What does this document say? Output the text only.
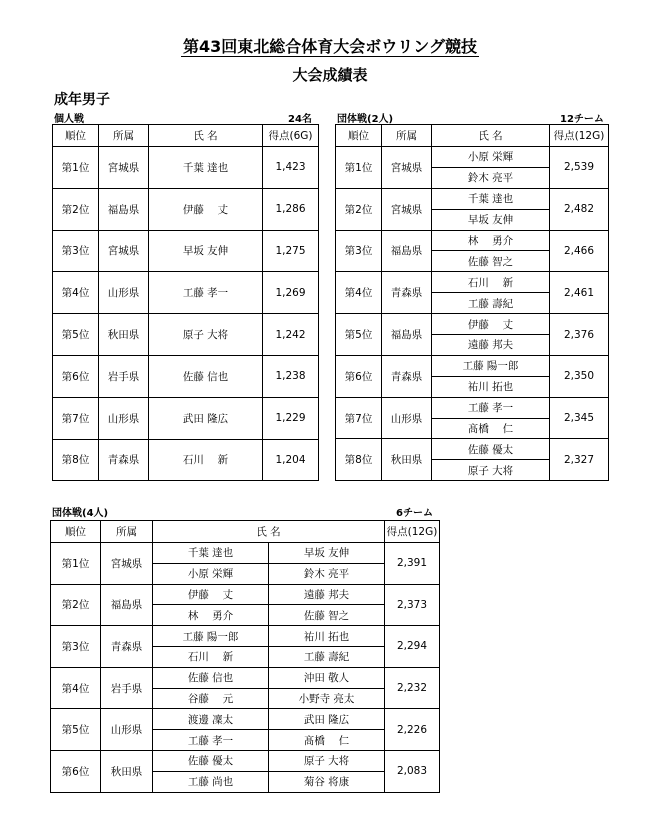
第43回東北総合体育大会ボウリング競技
大会成績表
成年男子
個人戦	24名
順位	所属	氏 名	得点(6G)
第1位	宮城県	千葉 達也	1,423
第2位	福島県	伊藤　 丈	1,286
第3位	宮城県	早坂 友伸	1,275
第4位	山形県	工藤 孝一	1,269
第5位	秋田県	原子 大将	1,242
第6位	岩手県	佐藤 信也	1,238
第7位	山形県	武田 隆広	1,229
第8位	青森県	石川　 新	1,204
団体戦(2人)	12チーム
順位	所属	氏 名	得点(12G)
第1位	宮城県	小原 栄輝	2,539
		鈴木 亮平	
第2位	宮城県	千葉 達也	2,482
		早坂 友伸	
第3位	福島県	林　 勇介	2,466
		佐藤 智之	
第4位	青森県	石川　 新	2,461
		工藤 壽紀	
第5位	福島県	伊藤　 丈	2,376
		遠藤 邦夫	
第6位	青森県	工藤 陽一郎	2,350
		祐川 拓也	
第7位	山形県	工藤 孝一	2,345
		髙橋　 仁	
第8位	秋田県	佐藤 優太	2,327
		原子 大将	
団体戦(4人)	6チーム
順位	所属	氏 名		得点(12G)
第1位	宮城県	千葉 達也	早坂 友伸	2,391
		小原 栄輝	鈴木 亮平	
第2位	福島県	伊藤　 丈	遠藤 邦夫	2,373
		林　 勇介	佐藤 智之	
第3位	青森県	工藤 陽一郎	祐川 拓也	2,294
		石川　 新	工藤 壽紀	
第4位	岩手県	佐藤 信也	沖田 敬人	2,232
		谷藤　 元	小野寺 亮太	
第5位	山形県	渡邊 凜太	武田 隆広	2,226
		工藤 孝一	髙橋　 仁	
第6位	秋田県	佐藤 優太	原子 大将	2,083
		工藤 尚也	菊谷 将康	
